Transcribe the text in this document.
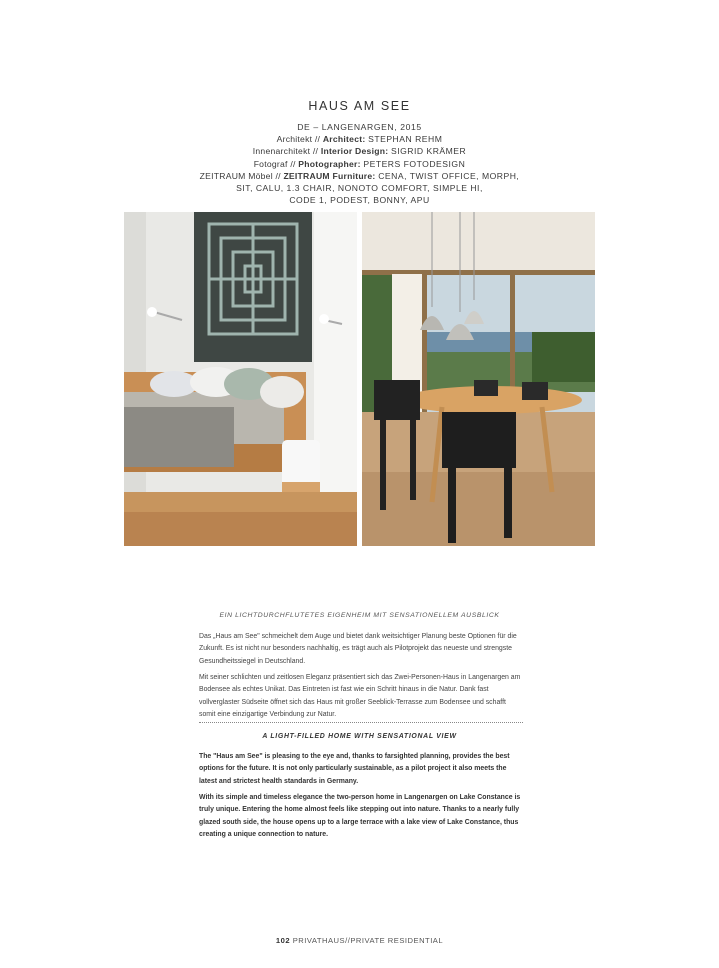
HAUS AM SEE
DE – LANGENARGEN, 2015
Architekt // Architect: STEPHAN REHM
Innenarchitekt // Interior Design: SIGRID KRÄMER
Fotograf // Photographer: PETERS FOTODESIGN
ZEITRAUM Möbel // ZEITRAUM Furniture: CENA, TWIST OFFICE, MORPH,
SIT, CALU, 1.3 CHAIR, NONOTO COMFORT, SIMPLE HI,
CODE 1, PODEST, BONNY, APU
EIN LICHTDURCHFLUTETES EIGENHEIM MIT SENSATIONELLEM AUSBLICK

Das „Haus am See" schmeichelt dem Auge und bietet dank weitsichtiger Planung beste Optionen für die Zukunft. Es ist nicht nur besonders nachhaltig, es trägt auch als Pilotprojekt das neueste und strengste Gesundheitssiegel in Deutschland.

Mit seiner schlichten und zeitlosen Eleganz präsentiert sich das Zwei-Personen-Haus in Langenargen am Bodensee als echtes Unikat. Das Eintreten ist fast wie ein Schritt hinaus in die Natur. Dank fast vollverglaster Südseite öffnet sich das Haus mit großer Seeblick-Terrasse zum Bodensee und schafft somit eine einzigartige Verbindung zur Natur.

A LIGHT-FILLED HOME WITH SENSATIONAL VIEW

The "Haus am See" is pleasing to the eye and, thanks to farsighted planning, provides the best options for the future. It is not only particularly sustainable, as a pilot project it also meets the latest and strictest health standards in Germany.

With its simple and timeless elegance the two-person home in Langenargen on Lake Constance is truly unique. Entering the home almost feels like stepping out into nature. Thanks to a nearly fully glazed south side, the house opens up to a large terrace with a lake view of Lake Constance, thus creating a unique connection to nature.

102 PRIVATHAUS//PRIVATE RESIDENTIAL
